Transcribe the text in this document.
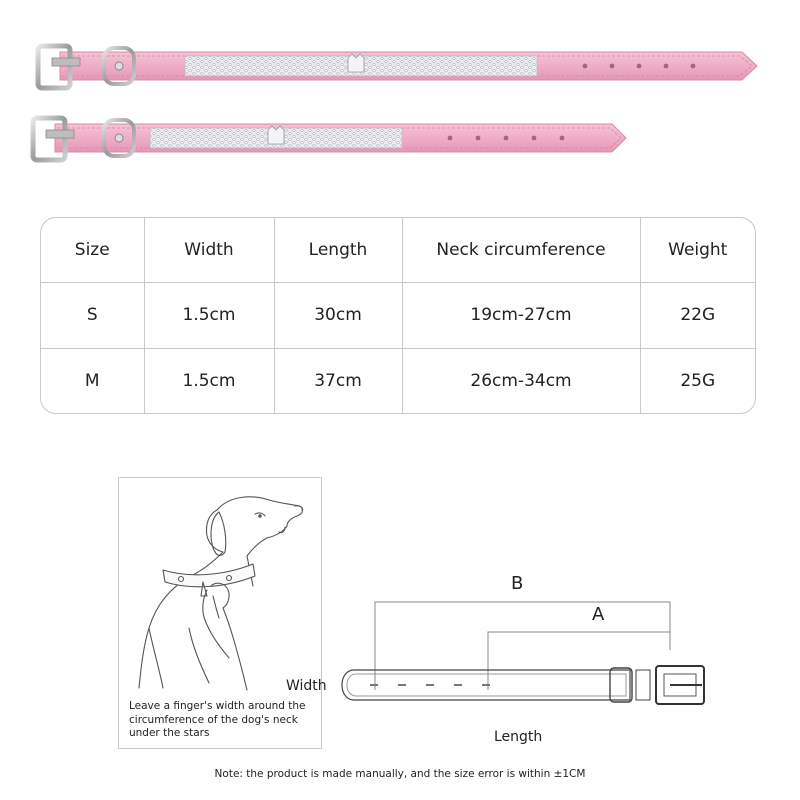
Size	Width	Length	Neck circumference	Weight
S	1.5cm	30cm	19cm-27cm	22G
M	1.5cm	37cm	26cm-34cm	25G
Leave a finger's width around the circumference of the dog's neck under the stars
B
A
Width
Length
Note: the product is made manually, and the size error is within ±1CM
